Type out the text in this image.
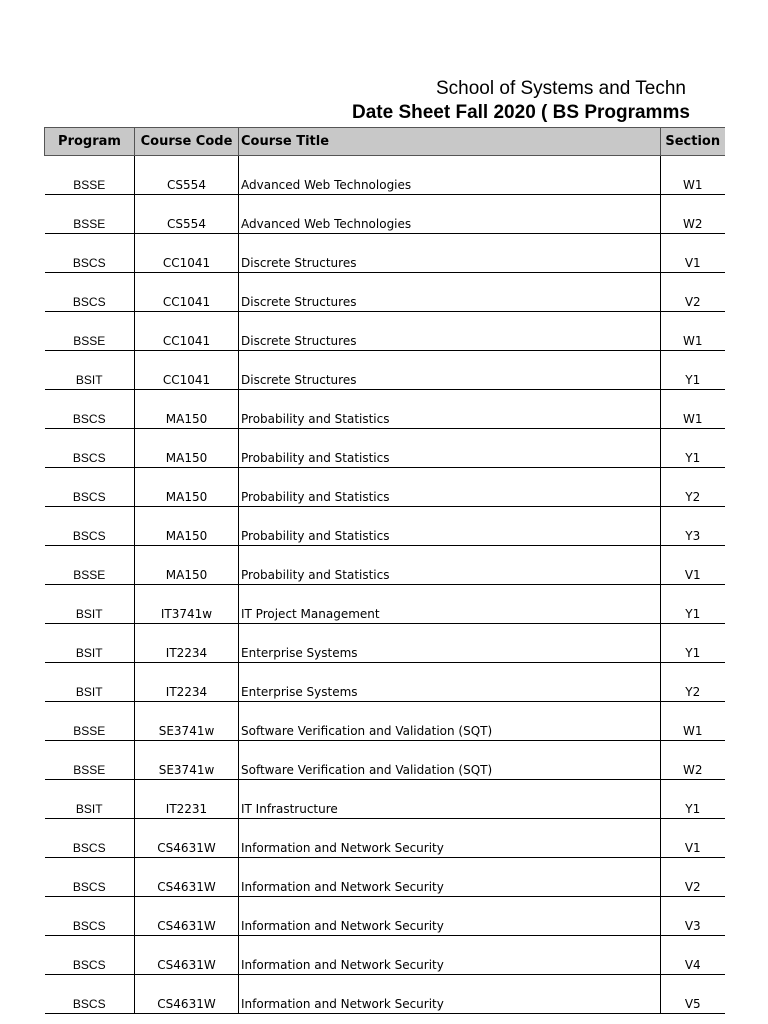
School of Systems and Techn
Date Sheet Fall 2020 ( BS Programms
Program	Course Code	Course Title	Section
BSSE	CS554	Advanced Web Technologies	W1
BSSE	CS554	Advanced Web Technologies	W2
BSCS	CC1041	Discrete Structures	V1
BSCS	CC1041	Discrete Structures	V2
BSSE	CC1041	Discrete Structures	W1
BSIT	CC1041	Discrete Structures	Y1
BSCS	MA150	Probability and Statistics	W1
BSCS	MA150	Probability and Statistics	Y1
BSCS	MA150	Probability and Statistics	Y2
BSCS	MA150	Probability and Statistics	Y3
BSSE	MA150	Probability and Statistics	V1
BSIT	IT3741w	IT Project Management	Y1
BSIT	IT2234	Enterprise Systems	Y1
BSIT	IT2234	Enterprise Systems	Y2
BSSE	SE3741w	Software Verification and Validation (SQT)	W1
BSSE	SE3741w	Software Verification and Validation (SQT)	W2
BSIT	IT2231	IT Infrastructure	Y1
BSCS	CS4631W	Information and Network Security	V1
BSCS	CS4631W	Information and Network Security	V2
BSCS	CS4631W	Information and Network Security	V3
BSCS	CS4631W	Information and Network Security	V4
BSCS	CS4631W	Information and Network Security	V5
